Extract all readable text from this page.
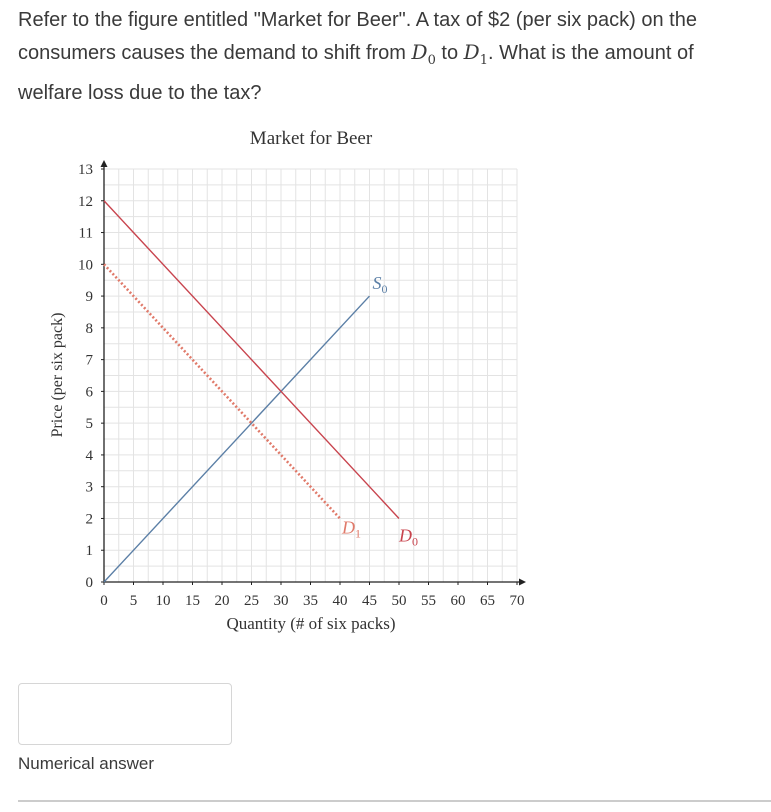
Refer to the figure entitled "Market for Beer". A tax of $2 (per six pack) on the consumers causes the demand to shift from $D_0$ to $D_1$. What is the amount of welfare loss due to the tax?

Market for Beer
0 5 10 15 20 25 30 35 40 45 50 55 60 65 70
0
1
2
3
4
5
6
7
8
9
10
11
12
13
$S_0$
$D_0$
$D_1$
Quantity (# of six packs)
Price (per six pack)
Numerical answer
